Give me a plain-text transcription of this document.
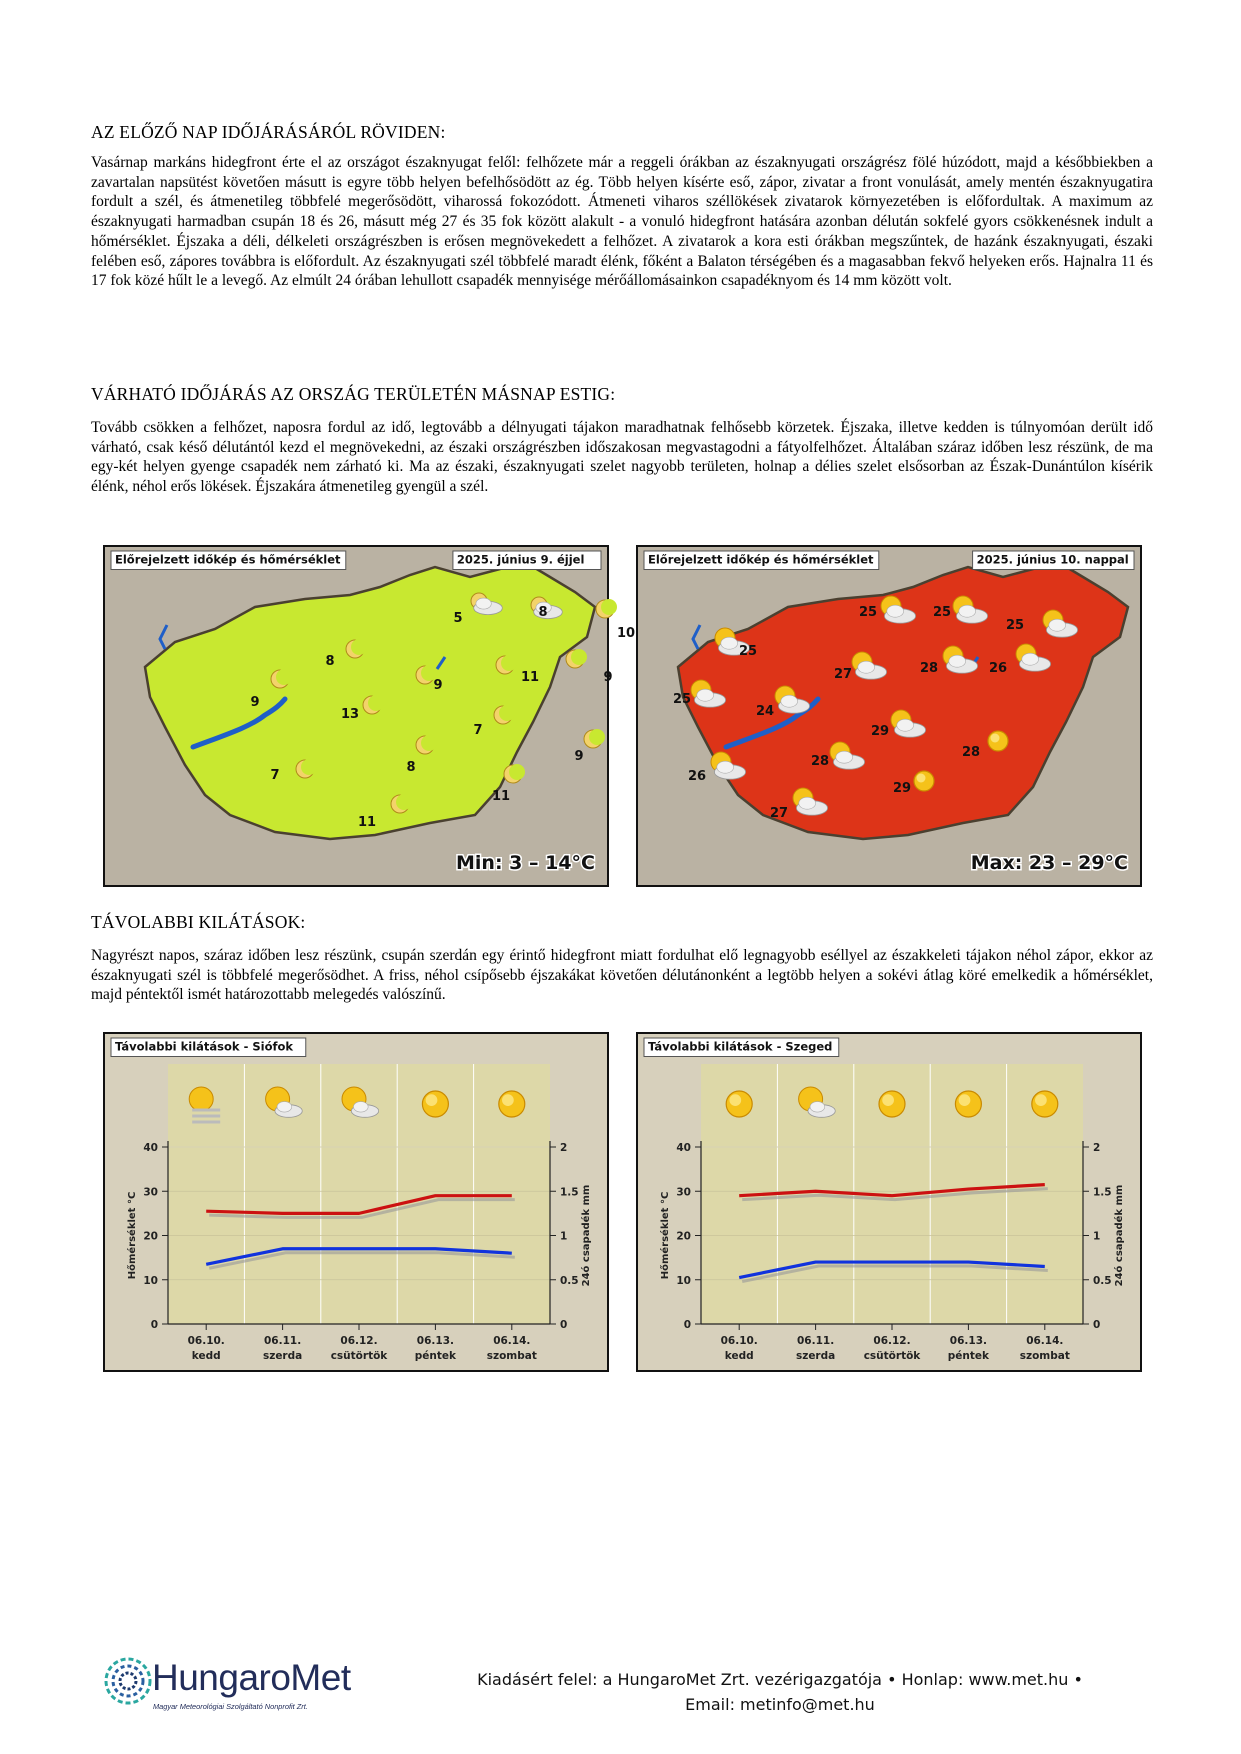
AZ ELŐZŐ NAP IDŐJÁRÁSÁRÓL RÖVIDEN:
Vasárnap markáns hidegfront érte el az országot északnyugat felől: felhőzete már a reggeli órákban az északnyugati országrész fölé húzódott, majd a későbbiekben a zavartalan napsütést követően másutt is egyre több helyen befelhősödött az ég. Több helyen kísérte eső, zápor, zivatar a front vonulását, amely mentén északnyugatira fordult a szél, és átmenetileg többfelé megerősödött, viharossá fokozódott. Átmeneti viharos széllökések zivatarok környezetében is előfordultak. A maximum az északnyugati harmadban csupán 18 és 26, másutt még 27 és 35 fok között alakult - a vonuló hidegfront hatására azonban délután sokfelé gyors csökkenésnek indult a hőmérséklet. Éjszaka a déli, délkeleti országrészben is erősen megnövekedett a felhőzet. A zivatarok a kora esti órákban megszűntek, de hazánk északnyugati, északi felében eső, zápores továbbra is előfordult. Az északnyugati szél többfelé maradt élénk, főként a Balaton térségében és a magasabban fekvő helyeken erős. Hajnalra 11 és 17 fok közé hűlt le a levegő. Az elmúlt 24 órában lehullott csapadék mennyisége mérőállomásainkon csapadéknyom és 14 mm között volt.
VÁRHATÓ IDŐJÁRÁS AZ ORSZÁG TERÜLETÉN MÁSNAP ESTIG:
Tovább csökken a felhőzet, naposra fordul az idő, legtovább a délnyugati tájakon maradhatnak felhősebb körzetek. Éjszaka, illetve kedden is túlnyomóan derült idő várható, csak késő délutántól kezd el megnövekedni, az északi országrészben időszakosan megvastagodni a fátyolfelhőzet. Általában száraz időben lesz részünk, de ma egy-két helyen gyenge csapadék nem zárható ki. Ma az északi, északnyugati szelet nagyobb területen, holnap a délies szelet elsősorban az Észak-Dunántúlon kísérik élénk, néhol erős lökések. Éjszakára átmenetileg gyengül a szél.
5	8
10
8
9
9
11	9
13
7
9
8
7
11
11
Előrejelzett időkép és hőmérséklet	2025. június 9. éjjel
Min: 3 – 14°C
25	25
25
25
27	28	26
25
24
29
28
28
26
29
27
Előrejelzett időkép és hőmérséklet	2025. június 10. nappal
Max: 23 – 29°C
TÁVOLABBI KILÁTÁSOK:
Nagyrészt napos, száraz időben lesz részünk, csupán szerdán egy érintő hidegfront miatt fordulhat elő legnagyobb eséllyel az északkeleti tájakon néhol zápor, ekkor az északnyugati szél is többfelé megerősödhet. A friss, néhol csípősebb éjszakákat követően délutánonként a legtöbb helyen a sokévi átlag köré emelkedik a hőmérséklet, majd péntektől ismét határozottabb melegedés valószínű.
0
10
20
30
40
0
0.5
1
1.5
2
Hőmérséklet °C	24ó csapadék mm
06.10.
kedd
06.11.
szerda
06.12.
csütörtök
06.13.
péntek
06.14.
szombat
Távolabbi kilátások - Siófok
0
10
20
30
40
0
0.5
1
1.5
2
Hőmérséklet °C	24ó csapadék mm
06.10.
kedd
06.11.
szerda
06.12.
csütörtök
06.13.
péntek
06.14.
szombat
Távolabbi kilátások - Szeged
HungaroMet
Magyar Meteorológiai Szolgáltató Nonprofit Zrt.
Kiadásért felel: a HungaroMet Zrt. vezérigazgatója • Honlap: www.met.hu •
Email: metinfo@met.hu
